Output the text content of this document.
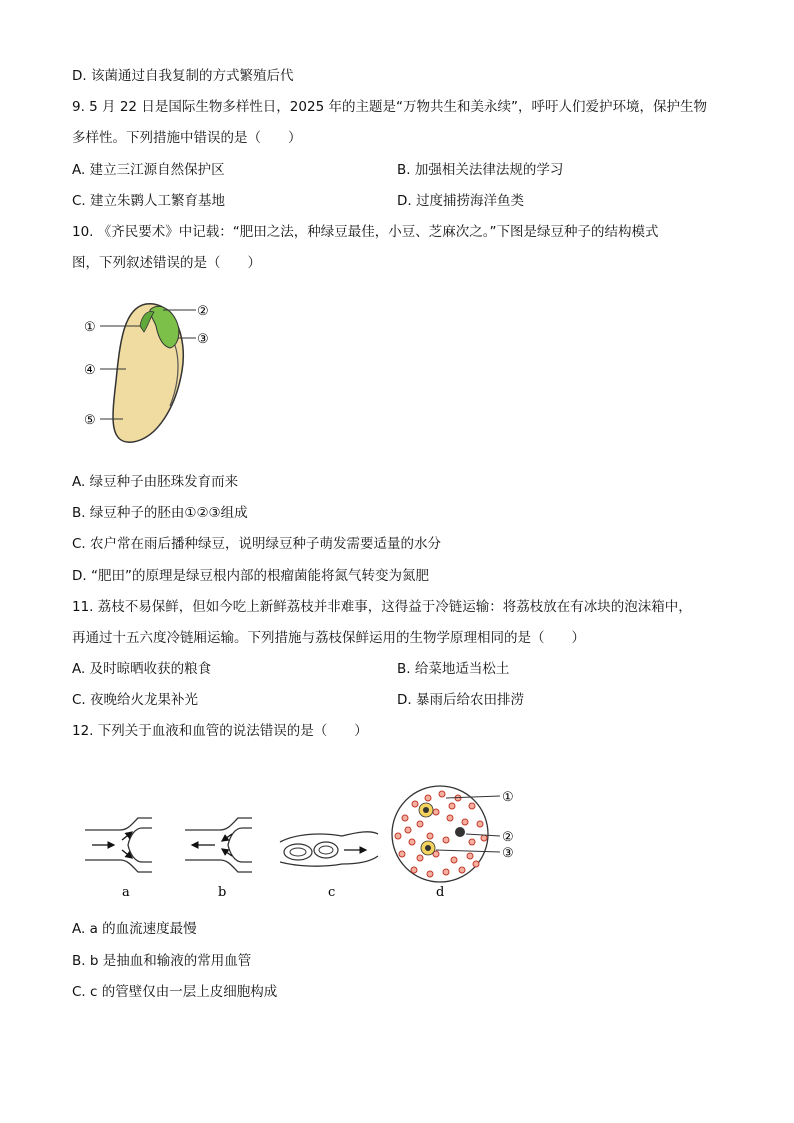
D. 该菌通过自我复制的方式繁殖后代
9. 5 月 22 日是国际生物多样性日，2025 年的主题是“万物共生和美永续”，呼吁人们爱护环境，保护生物
多样性。下列措施中错误的是（　　）
A. 建立三江源自然保护区	B. 加强相关法律法规的学习
C. 建立朱鹮人工繁育基地	D. 过度捕捞海洋鱼类
10. 《齐民要术》中记载：“肥田之法，种绿豆最佳，小豆、芝麻次之。”下图是绿豆种子的结构模式
图，下列叙述错误的是（　　）
①
②
③
④
⑤
A. 绿豆种子由胚珠发育而来
B. 绿豆种子的胚由①②③组成
C. 农户常在雨后播种绿豆，说明绿豆种子萌发需要适量的水分
D. “肥田”的原理是绿豆根内部的根瘤菌能将氮气转变为氮肥
11. 荔枝不易保鲜，但如今吃上新鲜荔枝并非难事，这得益于冷链运输：将荔枝放在有冰块的泡沫箱中，
再通过十五六度冷链厢运输。下列措施与荔枝保鲜运用的生物学原理相同的是（　　）
A. 及时晾晒收获的粮食	B. 给菜地适当松土
C. 夜晚给火龙果补光	D. 暴雨后给农田排涝
12. 下列关于血液和血管的说法错误的是（　　）
①
②
③
a	b	c	d
A. a 的血流速度最慢
B. b 是抽血和输液的常用血管
C. c 的管壁仅由一层上皮细胞构成
